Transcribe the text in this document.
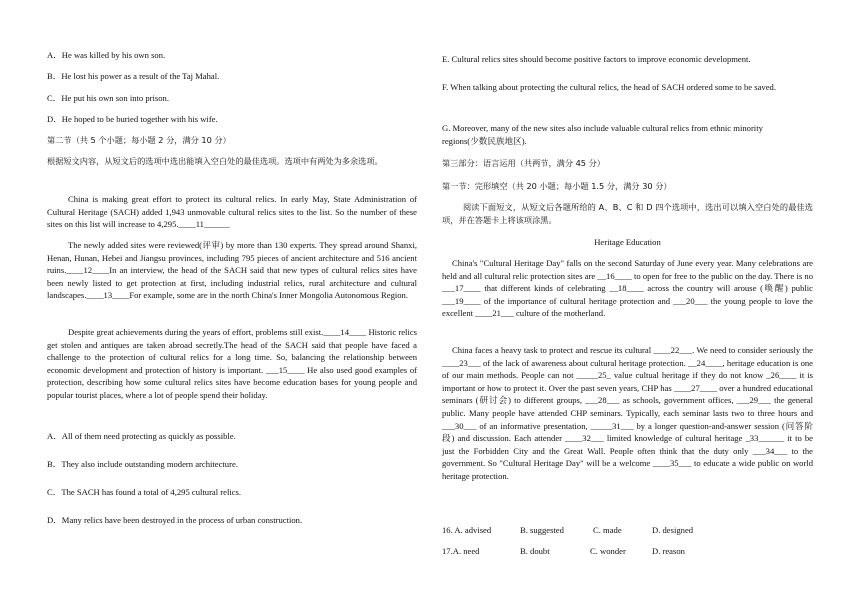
A．He was killed by his own son.

B．He lost his power as a result of the Taj Mahal.

C．He put his own son into prison.

D．He hoped to be buried together with his wife.

第二节（共 5 个小题；每小题 2 分，满分 10 分）

根据短文内容，从短文后的选项中选出能填入空白处的最佳选项。选项中有两处为多余选项。

China is making great effort to protect its cultural relics. In early May, State Administration of Cultural Heritage (SACH) added 1,943 unmovable cultural relics sites to the list. So the number of these sites on this list will increase to 4,295.____11______

The newly added sites were reviewed(评审) by more than 130 experts. They spread around Shanxi, Henan, Hunan, Hebei and Jiangsu provinces, including 795 pieces of ancient architecture and 516 ancient ruins.____12____In an interview, the head of the SACH said that new types of cultural relics sites have been newly listed to get protection at first, including industrial relics, rural architecture and cultural landscapes.____13____For example, some are in the north China's Inner Mongolia Autonomous Region.

Despite great achievements during the years of effort, problems still exist.____14____ Historic relics get stolen and antiques are taken abroad secretly.The head of the SACH said that people have faced a challenge to the protection of cultural relics for a long time. So, balancing the relationship between economic development and protection of history is important. ___15____ He also used good examples of protection, describing how some cultural relics sites have become education bases for young people and popular tourist places, where a lot of people spend their holiday.

A．All of them need protecting as quickly as possible.

B．They also include outstanding modern architecture.

C．The SACH has found a total of 4,295 cultural relics.

D．Many relics have been destroyed in the process of urban construction.

E. Cultural relics sites should become positive factors to improve economic development.

F. When talking about protecting the cultural relics, the head of SACH ordered some to be saved.

G. Moreover, many of the new sites also include valuable cultural relics from ethnic minority regions(少数民族地区).

第三部分：语言运用（共两节，满分 45 分）

第一节：完形填空（共 20 小题；每小题 1.5 分，满分 30 分）

阅读下面短文，从短文后各题所给的 A、B、C 和 D 四个选项中，选出可以填入空白处的最佳选项，并在答题卡上将该项涂黑。

Heritage Education

China's "Cultural Heritage Day" falls on the second Saturday of June every year. Many celebrations are held and all cultural relic protection sites are __16____ to open for free to the public on the day. There is no ___17____ that different kinds of celebrating __18____ across the country will arouse (唤醒) public ___19____ of the importance of cultural heritage protection and ___20___ the young people to love the excellent ____21___ culture of the motherland.

China faces a heavy task to protect and rescue its cultural ____22___. We need to consider seriously the ____23___ of the lack of awareness about cultural heritage protection. __24____, heritage education is one of our main methods. People can not _____25_ value cultual heritage if they do not know _26____ it is important or how to protect it. Over the past seven years, CHP has ____27____ over a hundred educational seminars (研讨会) to different groups, ___28___ as schools, government offices, ___29___ the general public. Many people have attended CHP seminars. Typically, each seminar lasts two to three hours and ___30___ of an informative presentation, _____31___ by a longer question-and-answer session (问答阶段) and discussion. Each attender ____32___ limited knowledge of cultural heritage _33______ it to be just the Forbidden City and the Great Wall. People often think that the duty only ___34___ to the government. So "Cultural Heritage Day" will be a welcome ____35___ to educate a wide public on world heritage protection.

16. A. advised	B. suggested	C. made	D. designed
17.A. need	B. doubt	C. wonder	D. reason
